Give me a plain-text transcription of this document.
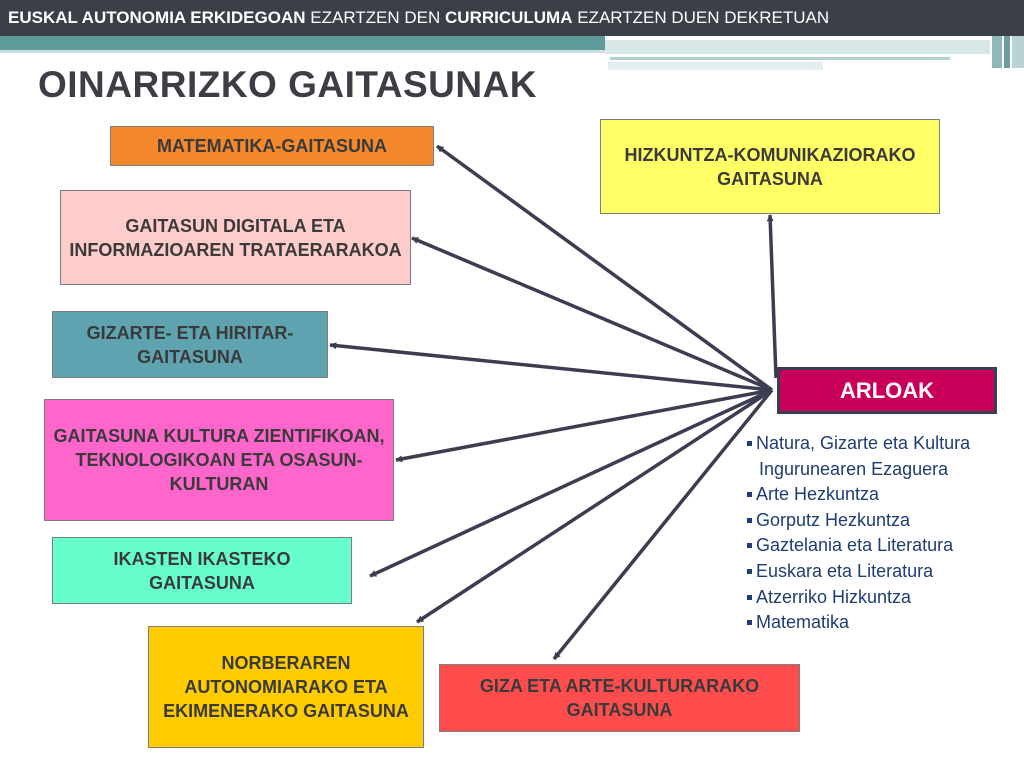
EUSKAL AUTONOMIA ERKIDEGOAN EZARTZEN DEN CURRICULUMA EZARTZEN DUEN DEKRETUAN
OINARRIZKO GAITASUNAK
MATEMATIKA-GAITASUNA	HIZKUNTZA-KOMUNIKAZIORAKO GAITASUNA
GAITASUN DIGITALA ETA INFORMAZIOAREN TRATAERARAKOA
GIZARTE- ETA HIRITAR-GAITASUNA
GAITASUNA KULTURA ZIENTIFIKOAN, TEKNOLOGIKOAN ETA OSASUN-KULTURAN
IKASTEN IKASTEKO GAITASUNA
NORBERAREN AUTONOMIARAKO ETA EKIMENERAKO GAITASUNA
GIZA ETA ARTE-KULTURARAKO GAITASUNA
ARLOAK
Natura, Gizarte eta Kultura Ingurunearen Ezaguera
Arte Hezkuntza
Gorputz Hezkuntza
Gaztelania eta Literatura
Euskara eta Literatura
Atzerriko Hizkuntza
Matematika
